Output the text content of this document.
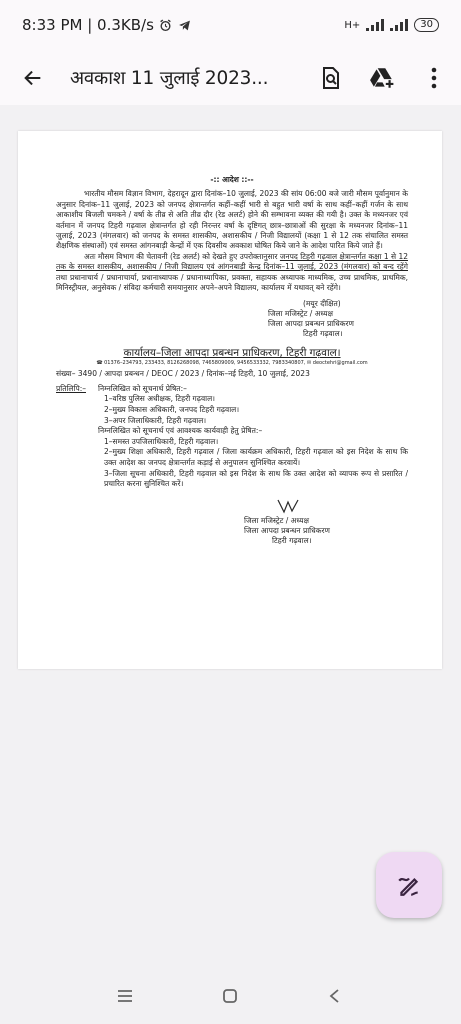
8:33 PM | 0.3KB/s	H+	30
अवकाश 11 जुलाई 2023...
-:: आदेश ::--
भारतीय मौसम विज्ञान विभाग, देहरादून द्वारा दिनांक–10 जुलाई, 2023 की सांय 06:00 बजे जारी मौसम पूर्वानुमान के अनुसार दिनांक–11 जुलाई, 2023 को जनपद क्षेत्रान्तर्गत कहीं–कहीं भारी से बहुत भारी वर्षा के साथ कहीं–कहीं गर्जन के साथ आकाशीय बिजली चमकने / वर्षा के तीव्र से अति तीव्र दौर (रेड अलर्ट) होने की सम्भावना व्यक्त की गयी है। उक्त के मध्यनजर एवं वर्तमान में जनपद टिहरी गढ़वाल क्षेत्रान्तर्गत हो रही निरन्तर वर्षा के दृष्टिगत् छात्र–छात्राओं की सुरक्षा के मध्यनजर दिनांक–11 जुलाई, 2023 (मंगलवार) को जनपद के समस्त शासकीय, अशासकीय / निजी विद्यालयों (कक्षा 1 से 12 तक संचालित समस्त शैक्षणिक संस्थाओं) एवं समस्त आंगनबाड़ी केन्द्रों में एक दिवसीय अवकाश घोषित किये जाने के आदेश पारित किये जाते हैं।
अतः मौसम विभाग की चेतावनी (रेड अलर्ट) को देखते हुए उपरोक्तानुसार जनपद टिहरी गढ़वाल क्षेत्रान्तर्गत कक्षा 1 से 12 तक के समस्त शासकीय, अशासकीय / निजी विद्यालय एवं आंगनबाड़ी केन्द्र दिनांक–11 जुलाई, 2023 (मंगलवार) को बन्द रहेंगे तथा प्रधानाचार्य / प्रधानाचार्या, प्रधानाध्यापक / प्रधानाध्यापिका, प्रवक्ता, सहायक अध्यापक माध्यमिक, उच्च प्राथमिक, प्राथमिक, मिनिस्ट्रीयल, अनुसेवक / संविदा कर्मचारी समयानुसार अपने–अपने विद्यालय, कार्यालय में यथावत् बने रहेंगे।
(मयूर दीक्षित)
जिला मजिस्ट्रेट / अध्यक्ष
जिला आपदा प्रबन्धन प्राधिकरण
टिहरी गढ़वाल।
कार्यालय–जिला आपदा प्रबन्धन प्राधिकरण, टिहरी गढ़वाल।
☎ 01376–234793, 233433, 8126268098, 7465809009, 9456533332, 7983340807, ✉ deoctehri@gmail.com
संख्या– 3490 / आपदा प्रबन्धन / DEOC / 2023 / दिनांक–नई टिहरी, 10 जुलाई, 2023
प्रतिलिपि:–	निम्नलिखित को सूचनार्थ प्रेषित:–
1–वरिष्ठ पुलिस अधीक्षक, टिहरी गढ़वाल।
2–मुख्य विकास अधिकारी, जनपद टिहरी गढ़वाल।
3–अपर जिलाधिकारी, टिहरी गढ़वाल।
निम्नलिखित को सूचनार्थ एवं आवश्यक कार्यवाही हेतु प्रेषित:–
1–समस्त उपजिलाधिकारी, टिहरी गढ़वाल।
2–मुख्य शिक्षा अधिकारी, टिहरी गढ़वाल / जिला कार्यक्रम अधिकारी, टिहरी गढ़वाल को इस निदेश के साथ कि उक्त आदेश का जनपद क्षेत्रान्तर्गत कड़ाई से अनुपालन सुनिश्चित करवायें।
3–जिला सूचना अधिकारी, टिहरी गढ़वाल को इस निदेश के साथ कि उक्त आदेश को व्यापक रूप से प्रसारित / प्रचारित करना सुनिश्चित करें।
जिला मजिस्ट्रेट / अध्यक्ष
जिला आपदा प्रबन्धन प्राधिकरण
टिहरी गढ़वाल।
